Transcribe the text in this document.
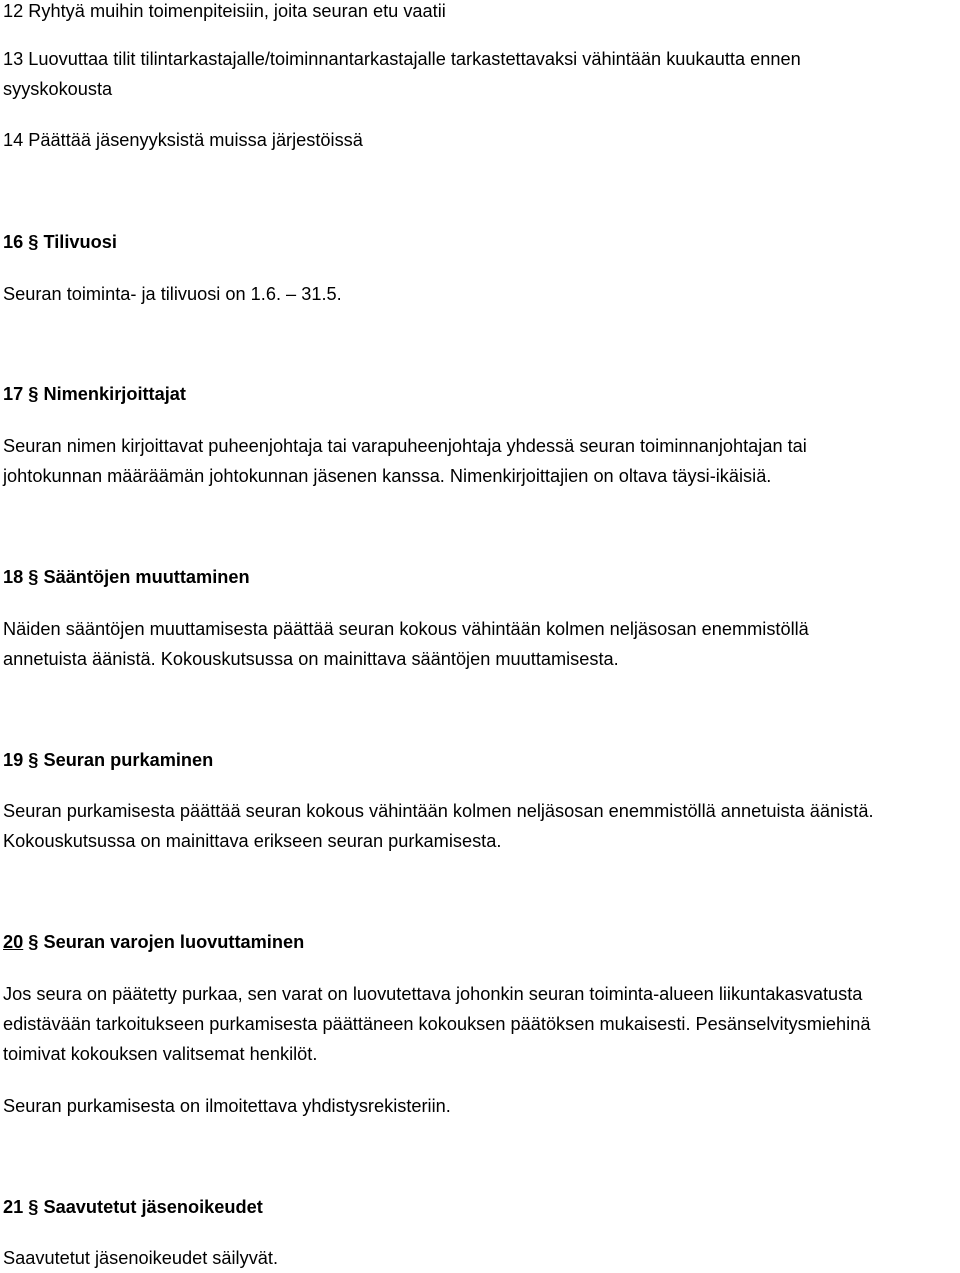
12 Ryhtyä muihin toimenpiteisiin, joita seuran etu vaatii
13 Luovuttaa tilit tilintarkastajalle/toiminnantarkastajalle tarkastettavaksi vähintään kuukautta ennen
syyskokousta
14 Päättää jäsenyyksistä muissa järjestöissä
16 § Tilivuosi
Seuran toiminta- ja tilivuosi on 1.6. – 31.5.
17 § Nimenkirjoittajat
Seuran nimen kirjoittavat puheenjohtaja tai varapuheenjohtaja yhdessä seuran toiminnanjohtajan tai
johtokunnan määräämän johtokunnan jäsenen kanssa. Nimenkirjoittajien on oltava täysi-ikäisiä.
18 § Sääntöjen muuttaminen
Näiden sääntöjen muuttamisesta päättää seuran kokous vähintään kolmen neljäsosan enemmistöllä
annetuista äänistä. Kokouskutsussa on mainittava sääntöjen muuttamisesta.
19 § Seuran purkaminen
Seuran purkamisesta päättää seuran kokous vähintään kolmen neljäsosan enemmistöllä annetuista äänistä.
Kokouskutsussa on mainittava erikseen seuran purkamisesta.
20 § Seuran varojen luovuttaminen
Jos seura on päätetty purkaa, sen varat on luovutettava johonkin seuran toiminta-alueen liikuntakasvatusta
edistävään tarkoitukseen purkamisesta päättäneen kokouksen päätöksen mukaisesti. Pesänselvitysmiehinä
toimivat kokouksen valitsemat henkilöt.
Seuran purkamisesta on ilmoitettava yhdistysrekisteriin.
21 § Saavutetut jäsenoikeudet
Saavutetut jäsenoikeudet säilyvät.
